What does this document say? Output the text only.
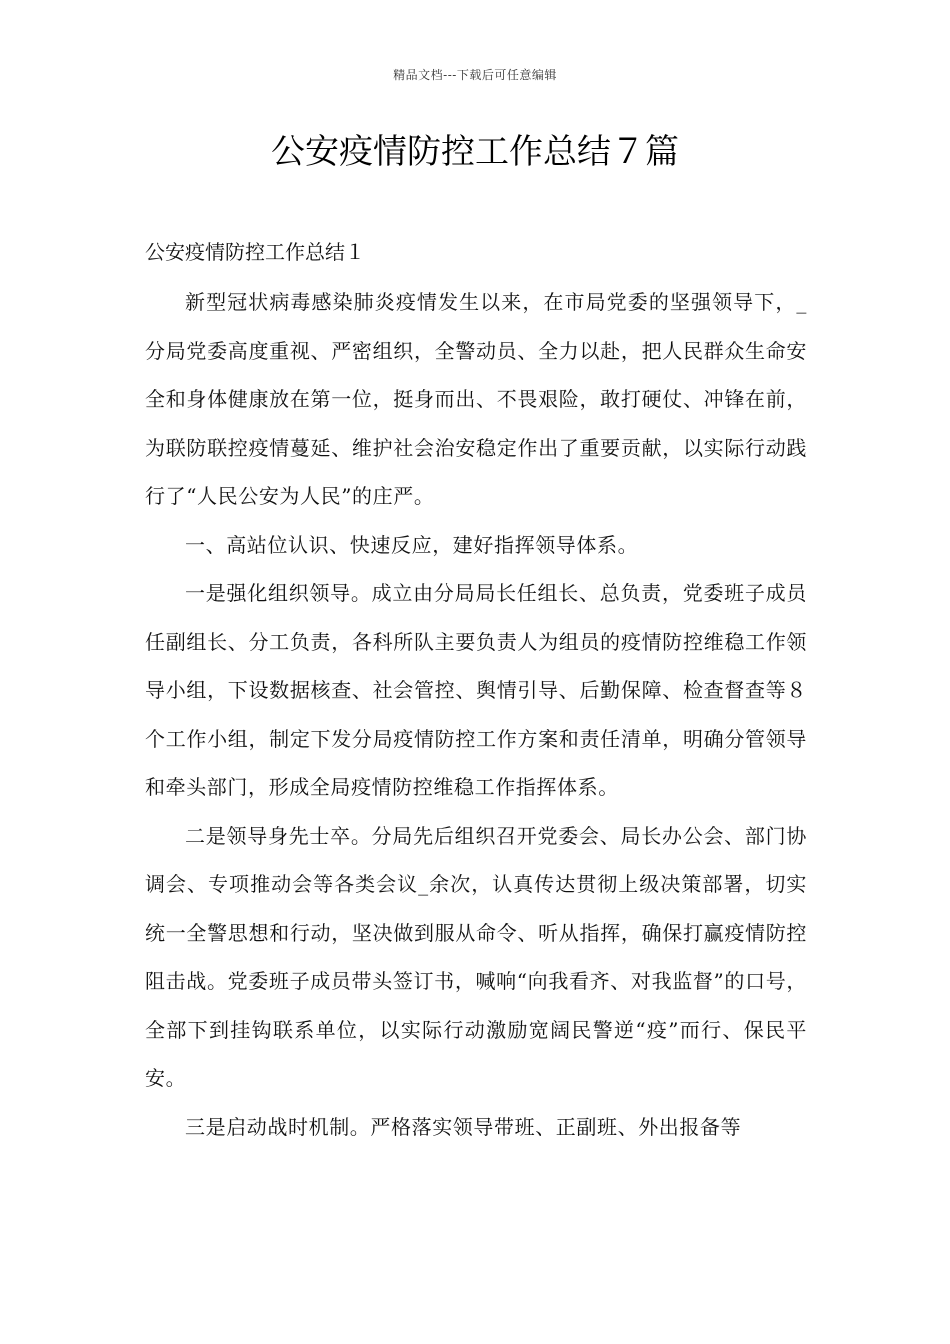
精品文档---下载后可任意编辑
公安疫情防控工作总结７篇

公安疫情防控工作总结１

新型冠状病毒感染肺炎疫情发生以来，在市局党委的坚强领导下，_分局党委高度重视、严密组织，全警动员、全力以赴，把人民群众生命安全和身体健康放在第一位，挺身而出、不畏艰险，敢打硬仗、冲锋在前，为联防联控疫情蔓延、维护社会治安稳定作出了重要贡献，以实际行动践行了“人民公安为人民”的庄严。

一、高站位认识、快速反应，建好指挥领导体系。

一是强化组织领导。成立由分局局长任组长、总负责，党委班子成员任副组长、分工负责，各科所队主要负责人为组员的疫情防控维稳工作领导小组，下设数据核查、社会管控、舆情引导、后勤保障、检查督查等８个工作小组，制定下发分局疫情防控工作方案和责任清单，明确分管领导和牵头部门，形成全局疫情防控维稳工作指挥体系。

二是领导身先士卒。分局先后组织召开党委会、局长办公会、部门协调会、专项推动会等各类会议_余次，认真传达贯彻上级决策部署，切实统一全警思想和行动，坚决做到服从命令、听从指挥，确保打赢疫情防控阻击战。党委班子成员带头签订书，喊响“向我看齐、对我监督”的口号，全部下到挂钩联系单位，以实际行动激励宽阔民警逆“疫”而行、保民平安。

三是启动战时机制。严格落实领导带班、正副班、外出报备等
